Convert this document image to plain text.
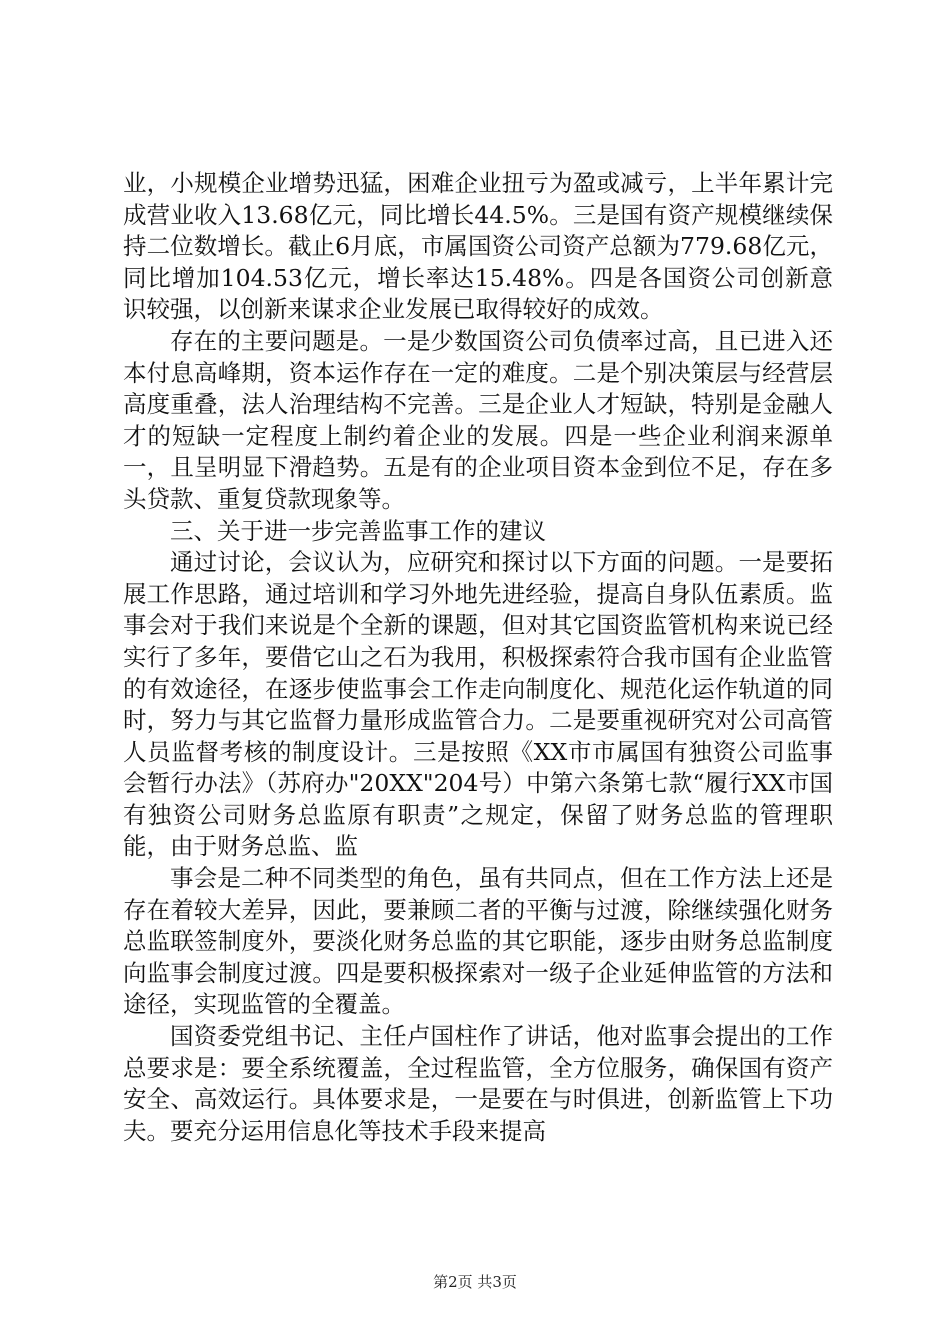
业，小规模企业增势迅猛，困难企业扭亏为盈或减亏，上半年累计完成营业收入13.68亿元，同比增长44.5%。三是国有资产规模继续保持二位数增长。截止6月底，市属国资公司资产总额为779.68亿元，同比增加104.53亿元，增长率达15.48%。四是各国资公司创新意识较强，以创新来谋求企业发展已取得较好的成效。

存在的主要问题是。一是少数国资公司负债率过高，且已进入还本付息高峰期，资本运作存在一定的难度。二是个别决策层与经营层高度重叠，法人治理结构不完善。三是企业人才短缺，特别是金融人才的短缺一定程度上制约着企业的发展。四是一些企业利润来源单一，且呈明显下滑趋势。五是有的企业项目资本金到位不足，存在多头贷款、重复贷款现象等。

三、关于进一步完善监事工作的建议

通过讨论，会议认为，应研究和探讨以下方面的问题。一是要拓展工作思路，通过培训和学习外地先进经验，提高自身队伍素质。监事会对于我们来说是个全新的课题，但对其它国资监管机构来说已经实行了多年，要借它山之石为我用，积极探索符合我市国有企业监管的有效途径，在逐步使监事会工作走向制度化、规范化运作轨道的同时，努力与其它监督力量形成监管合力。二是要重视研究对公司高管人员监督考核的制度设计。三是按照《XX市市属国有独资公司监事会暂行办法》（苏府办"20XX"204号）中第六条第七款“履行XX市国有独资公司财务总监原有职责”之规定，保留了财务总监的管理职能，由于财务总监、监

事会是二种不同类型的角色，虽有共同点，但在工作方法上还是存在着较大差异，因此，要兼顾二者的平衡与过渡，除继续强化财务总监联签制度外，要淡化财务总监的其它职能，逐步由财务总监制度向监事会制度过渡。四是要积极探索对一级子企业延伸监管的方法和途径，实现监管的全覆盖。

国资委党组书记、主任卢国柱作了讲话，他对监事会提出的工作总要求是：要全系统覆盖，全过程监管，全方位服务，确保国有资产安全、高效运行。具体要求是，一是要在与时俱进，创新监管上下功夫。要充分运用信息化等技术手段来提高

第2页 共3页
